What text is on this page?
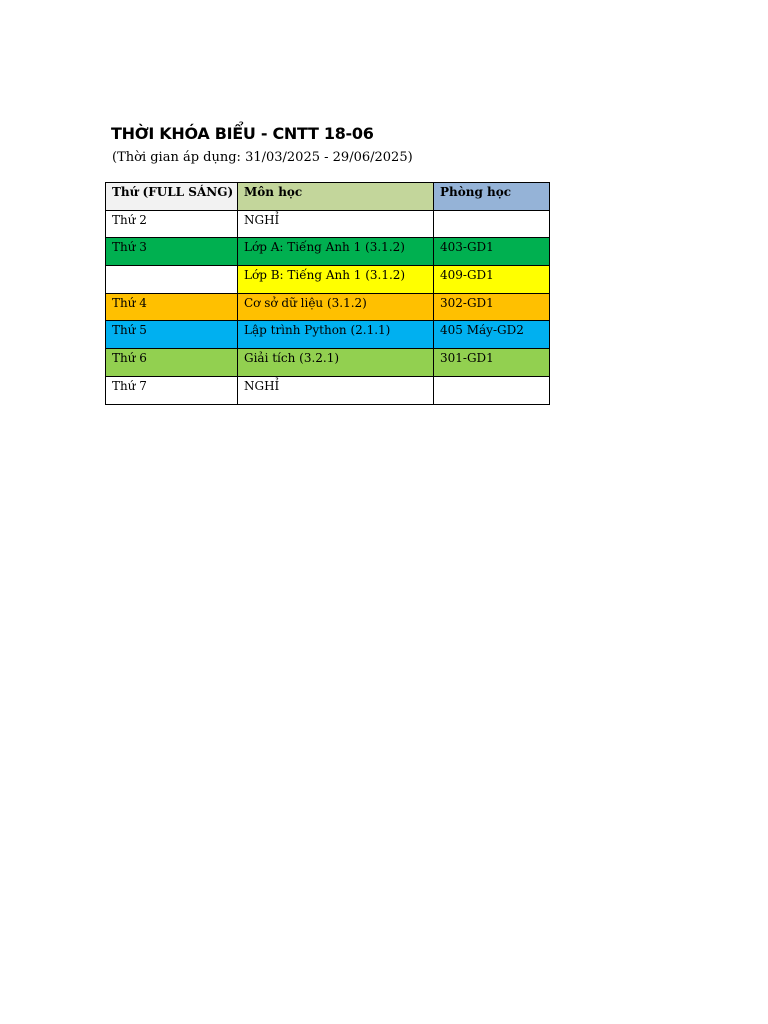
THỜI KHÓA BIỂU - CNTT 18-06
(Thời gian áp dụng: 31/03/2025 - 29/06/2025)
Thứ (FULL SÁNG)	Môn học	Phòng học
Thứ 2	NGHỈ	
Thứ 3	Lớp A: Tiếng Anh 1 (3.1.2)	403-GD1
	Lớp B: Tiếng Anh 1 (3.1.2)	409-GD1
Thứ 4	Cơ sở dữ liệu (3.1.2)	302-GD1
Thứ 5	Lập trình Python (2.1.1)	405 Máy-GD2
Thứ 6	Giải tích (3.2.1)	301-GD1
Thứ 7	NGHỈ	
